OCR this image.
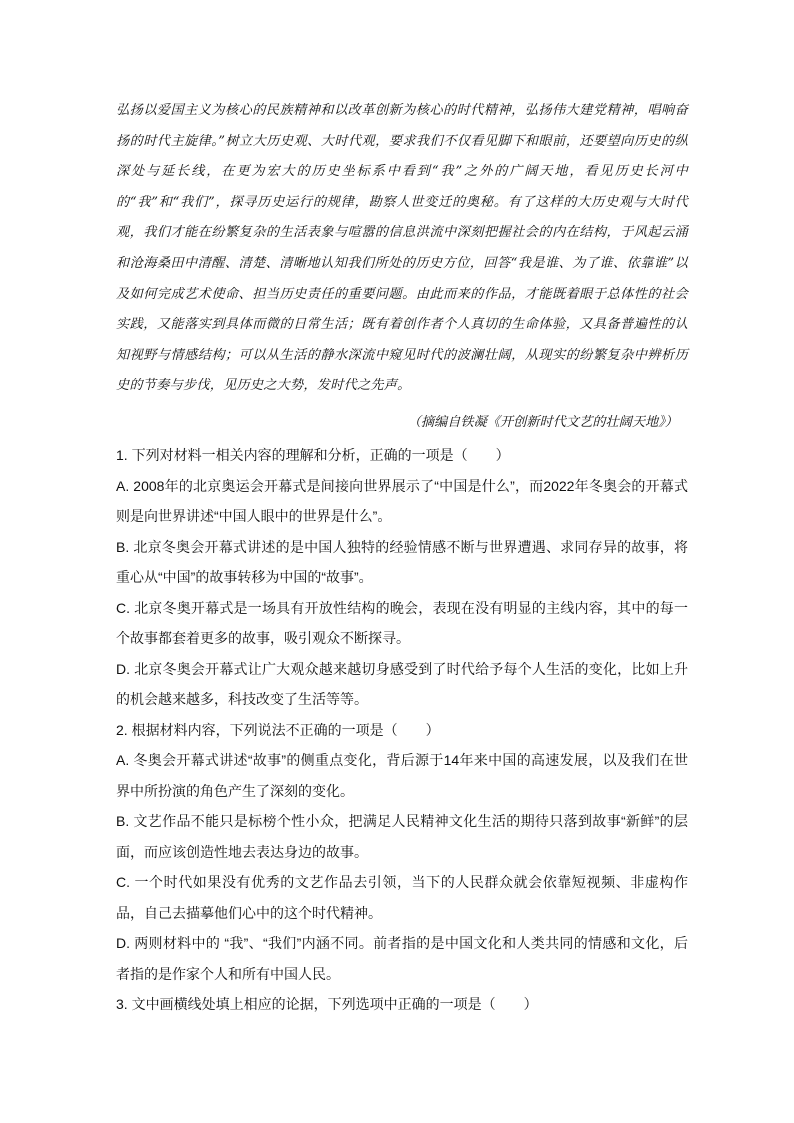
弘扬以爱国主义为核心的民族精神和以改革创新为核心的时代精神，弘扬伟大建党精神，唱响奋扬的时代主旋律。”树立大历史观、大时代观，要求我们不仅看见脚下和眼前，还要望向历史的纵深处与延长线，在更为宏大的历史坐标系中看到“我”之外的广阔天地，看见历史长河中的“我”和“我们”，探寻历史运行的规律，勘察人世变迁的奥秘。有了这样的大历史观与大时代观，我们才能在纷繁复杂的生活表象与喧嚣的信息洪流中深刻把握社会的内在结构，于风起云涌和沧海桑田中清醒、清楚、清晰地认知我们所处的历史方位，回答“我是谁、为了谁、依靠谁”以及如何完成艺术使命、担当历史责任的重要问题。由此而来的作品，才能既着眼于总体性的社会实践，又能落实到具体而微的日常生活；既有着创作者个人真切的生命体验，又具备普遍性的认知视野与情感结构；可以从生活的静水深流中窥见时代的波澜壮阔，从现实的纷繁复杂中辨析历史的节奏与步伐，见历史之大势，发时代之先声。

（摘编自铁凝《开创新时代文艺的壮阔天地》）

1. 下列对材料一相关内容的理解和分析，正确的一项是（　　）

A. 2008年的北京奥运会开幕式是间接向世界展示了“中国是什么”，而2022年冬奥会的开幕式则是向世界讲述“中国人眼中的世界是什么”。

B. 北京冬奥会开幕式讲述的是中国人独特的经验情感不断与世界遭遇、求同存异的故事，将重心从“中国”的故事转移为中国的“故事”。

C. 北京冬奥开幕式是一场具有开放性结构的晚会，表现在没有明显的主线内容，其中的每一个故事都套着更多的故事，吸引观众不断探寻。

D. 北京冬奥会开幕式让广大观众越来越切身感受到了时代给予每个人生活的变化，比如上升的机会越来越多，科技改变了生活等等。

2. 根据材料内容，下列说法不正确的一项是（　　）

A. 冬奥会开幕式讲述“故事”的侧重点变化，背后源于14年来中国的高速发展，以及我们在世界中所扮演的角色产生了深刻的变化。

B. 文艺作品不能只是标榜个性小众，把满足人民精神文化生活的期待只落到故事“新鲜”的层面，而应该创造性地去表达身边的故事。

C. 一个时代如果没有优秀的文艺作品去引领，当下的人民群众就会依靠短视频、非虚构作品，自己去描摹他们心中的这个时代精神。

D. 两则材料中的 “我”、“我们”内涵不同。前者指的是中国文化和人类共同的情感和文化，后者指的是作家个人和所有中国人民。

3. 文中画横线处填上相应的论据，下列选项中正确的一项是（　　）
